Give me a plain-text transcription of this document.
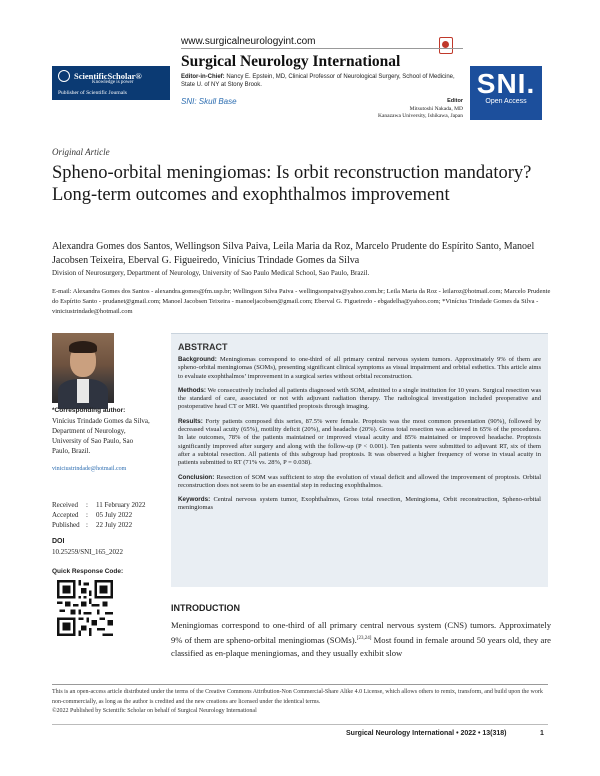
ScientificScholar®
Knowledge is power
Publisher of Scientific Journals
www.surgicalneurologyint.com
Surgical Neurology International
Editor-in-Chief: Nancy E. Epstein, MD, Clinical Professor of Neurological Surgery, School of Medicine, State U. of NY at Stony Brook.
SNI: Skull Base	Editor
Mitsutoshi Nakada, MD
Kanazawa University, Ishikawa, Japan
SNI.
Open Access
Original Article
Spheno-orbital meningiomas: Is orbit reconstruction mandatory? Long-term outcomes and exophthalmos improvement
Alexandra Gomes dos Santos, Wellingson Silva Paiva, Leila Maria da Roz, Marcelo Prudente do Espírito Santo, Manoel Jacobsen Teixeira, Eberval G. Figueiredo, Vinícius Trindade Gomes da Silva
Division of Neurosurgery, Department of Neurology, University of Sao Paulo Medical School, Sao Paulo, Brazil.
E-mail: Alexandra Gomes dos Santos - alexandra.gomes@fm.usp.br; Wellingson Silva Paiva - wellingsonpaiva@yahoo.com.br; Leila Maria da Roz - leilaroz@hotmail.com; Marcelo Prudente do Espírito Santo - prudanet@gmail.com; Manoel Jacobsen Teixeira - manoeljacobsen@gmail.com; Eberval G. Figueiredo - ebgadelha@yahoo.com; *Vinícius Trindade Gomes da Silva - viniciustrindade@hotmail.com
*Corresponding author:
Vinícius Trindade Gomes da Silva,
Department of Neurology,
University of Sao Paulo, Sao Paulo, Brazil.
viniciustrindade@hotmail.com
Received	:	11 February 2022
Accepted	:	05 July 2022
Published :	22 July 2022
DOI
10.25259/SNI_165_2022
Quick Response Code:
ABSTRACT

Background: Meningiomas correspond to one-third of all primary central nervous system tumors. Approximately 9% of them are spheno-orbital meningiomas (SOMs), presenting significant clinical symptoms as visual impairment and orbital esthetics. This article aims to evaluate exophthalmos’ improvement in a surgical series without orbital reconstruction.

Methods: We consecutively included all patients diagnosed with SOM, admitted to a single institution for 10 years. Surgical resection was the standard of care, associated or not with adjuvant radiation therapy. The radiological investigation included preoperative and postoperative head CT or MRI. We quantified proptosis through imaging.

Results: Forty patients composed this series, 87.5% were female. Proptosis was the most common presentation (90%), followed by decreased visual acuity (65%), motility deficit (20%), and headache (20%). Gross total resection was achieved in 65% of the procedures. In late outcomes, 78% of the patients maintained or improved visual acuity and 85% maintained or improved headache. Proptosis significantly improved after surgery and along with the follow-up (P < 0.001). Ten patients were submitted to adjuvant RT, six of them after a subtotal resection. All patients of this subgroup had proptosis. It was observed a higher frequency of worse in visual acuity in patients submitted to RT (71% vs. 28%, P = 0.038).

Conclusion: Resection of SOM was sufficient to stop the evolution of visual deficit and allowed the improvement of proptosis. Orbital reconstruction does not seem to be an essential step in reducing exophthalmos.

Keywords: Central nervous system tumor, Exophthalmos, Gross total resection, Meningioma, Orbit reconstruction, Spheno-orbital meningiomas

INTRODUCTION

Meningiomas correspond to one-third of all primary central nervous system (CNS) tumors. Approximately 9% of them are spheno-orbital meningiomas (SOMs).[23,24] Most found in female around 50 years old, they are classified as en-plaque meningiomas, and they usually exhibit slow

This is an open-access article distributed under the terms of the Creative Commons Attribution-Non Commercial-Share Alike 4.0 License, which allows others to remix, transform, and build upon the work non-commercially, as long as the author is credited and the new creations are licensed under the identical terms.
©2022 Published by Scientific Scholar on behalf of Surgical Neurology International
Surgical Neurology International • 2022 • 13(318)	1
